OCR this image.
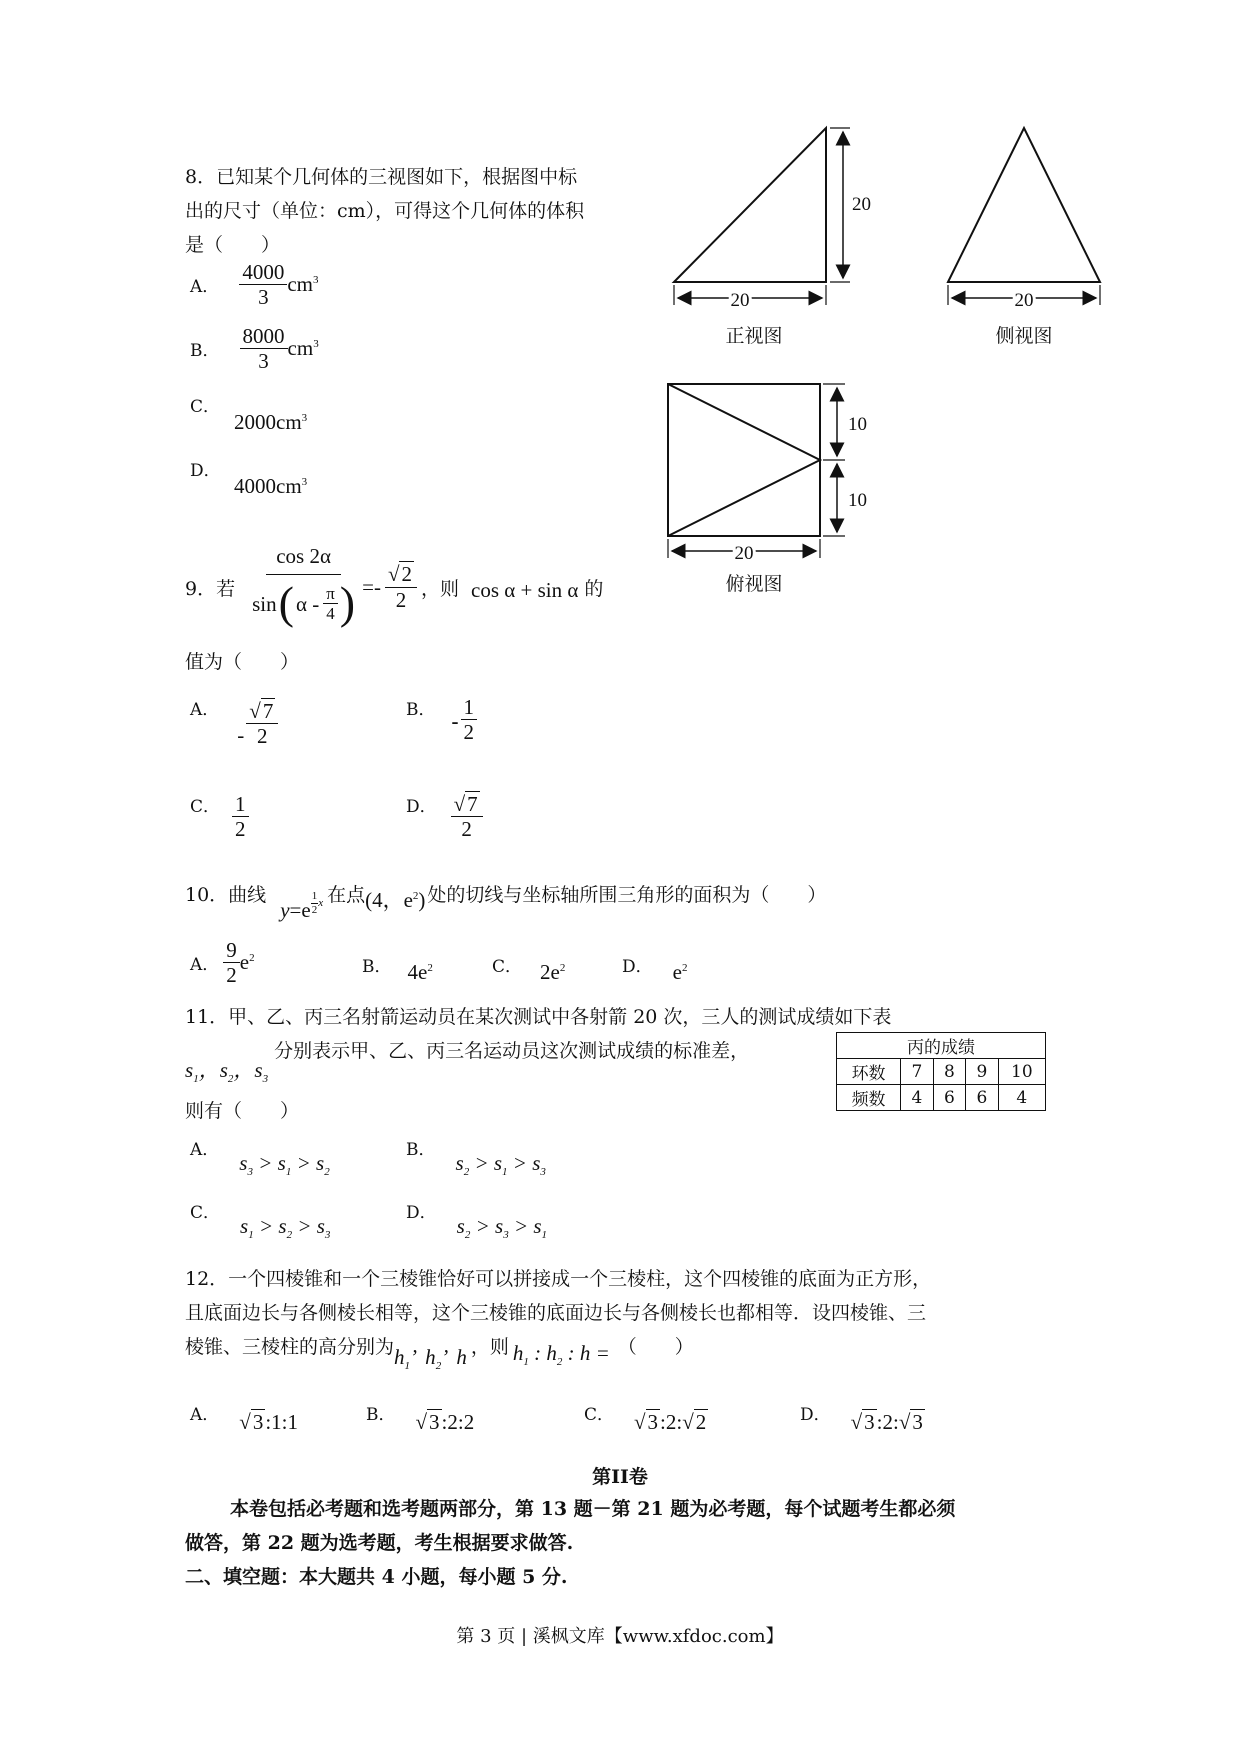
8．已知某个几何体的三视图如下，根据图中标
出的尺寸（单位：cm），可得这个几何体的体积
是（　　）
A． $\frac{4000}{3} cm^3$
B． $\frac{8000}{3} cm^3$
C．
$2000cm^3$
D．
$4000cm^3$
20
20	20
10
10
20
正视图	侧视图
俯视图
9．若 $\frac{\cos 2\alpha}{\sin ( \alpha - \frac{\pi}{4} )} =- \frac{√2}{2}$ ，则 cos α + sin α 的
值为（　　）
A．
- $\frac{√7}{2}$	B． - $\frac{1}{2}$
C． $\frac{1}{2}$	D． $\frac{√7}{2}$
10．曲线
$y=e \frac{1}{2}$ x 在点 (4，$e^2$) 处的切线与坐标轴所围三角形的面积为（　　）
A． $\frac{9}{2} e^2$	B． $4e^2$	C． $2e^2$	D． $e^2$
11．甲、乙、丙三名射箭运动员在某次测试中各射箭 20 次，三人的测试成绩如下表
$s_1$，$s_2$，$s_3$
分别表示甲、乙、丙三名运动员这次测试成绩的标准差，	丙的成绩				
环数	7	8	9	10
频数	4	6	6	4
则有（　　）
A．
$s_3 > s_1 > s_2$
B．
$s_2 > s_1 > s_3$
C．
$s_1 > s_2 > s_3$
D．
$s_2 > s_3 > s_1$
12．一个四棱锥和一个三棱锥恰好可以拼接成一个三棱柱，这个四棱锥的底面为正方形，
且底面边长与各侧棱长相等，这个三棱锥的底面边长与各侧棱长也都相等．设四棱锥、三
棱锥、三棱柱的高分别为 $h_1$’  $h_2$’  h ，则 $h_1$ : $h_2$ : h = （　　）
A． √3:1:1	B． √3:2:2	C． √3:2:√2	D． √3:2:√3
第II卷
本卷包括必考题和选考题两部分，第 13 题－第 21 题为必考题，每个试题考生都必须
做答，第 22 题为选考题，考生根据要求做答.
二、填空题：本大题共 4 小题，每小题 5 分.
第 3 页 | 溪枫文库【www.xfdoc.com】
